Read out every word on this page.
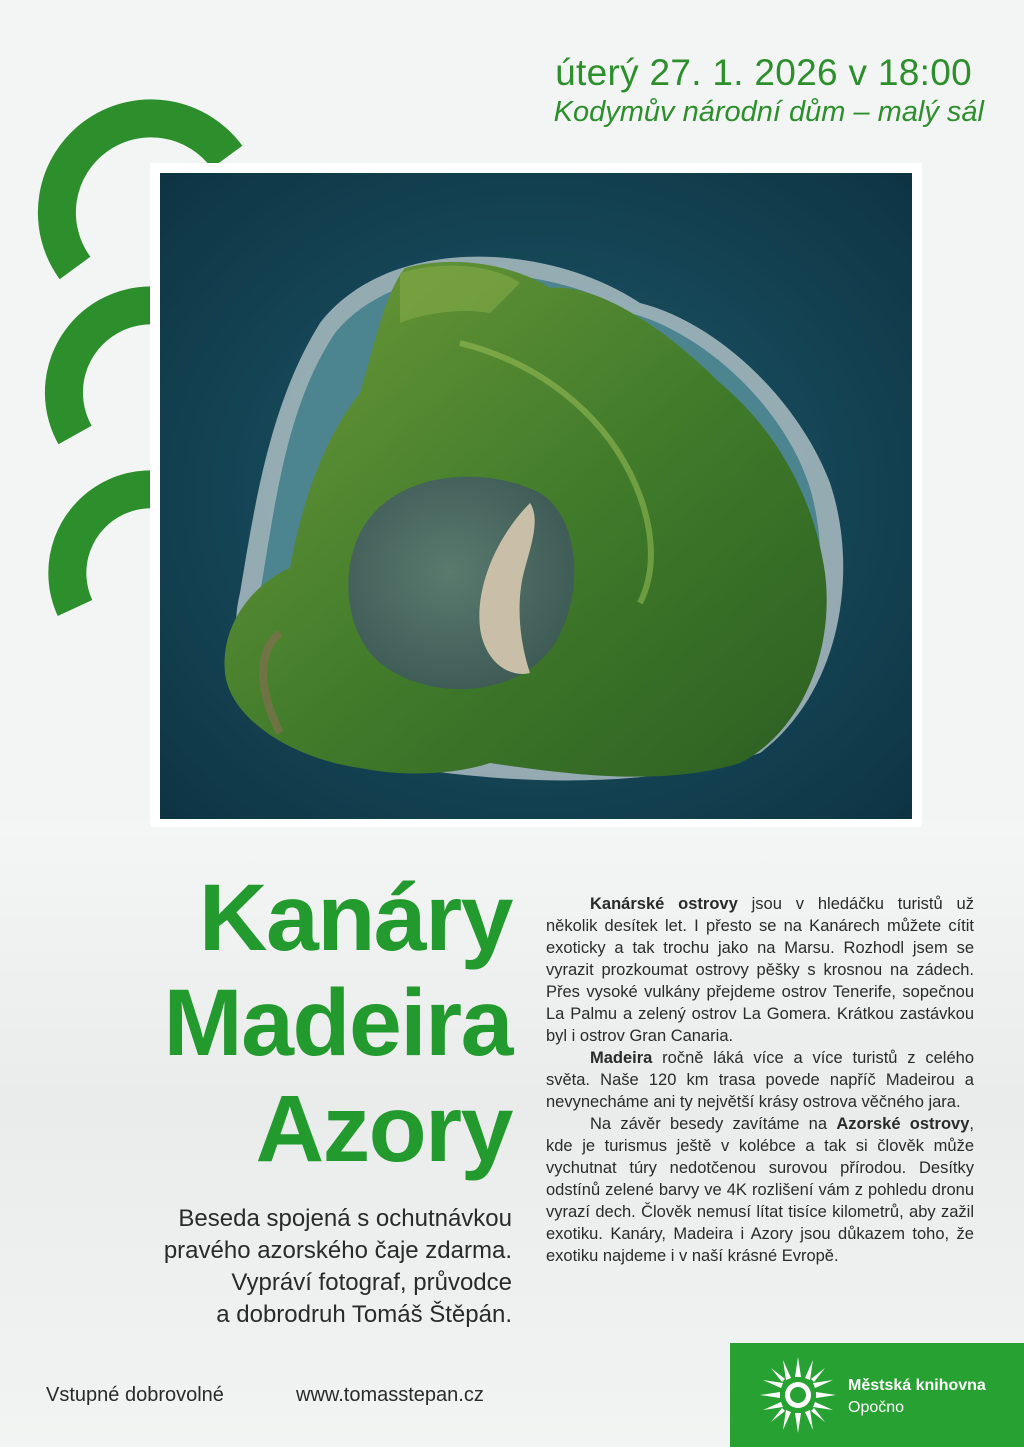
úterý 27. 1. 2026 v 18:00

Kodymův národní dům – malý sál

Kanáry
Madeira
Azory

Beseda spojená s ochutnávkou
pravého azorského čaje zdarma.
Vypráví fotograf, průvodce
a dobrodruh Tomáš Štěpán.

Kanárské ostrovy jsou v hledáčku turistů už několik desítek let. I přesto se na Kanárech můžete cítit exoticky a tak trochu jako na Marsu. Rozhodl jsem se vyrazit prozkoumat ostrovy pěšky s krosnou na zádech. Přes vysoké vulkány přejdeme ostrov Tenerife, sopečnou La Palmu a zelený ostrov La Gomera. Krátkou zastávkou byl i ostrov Gran Canaria.

Madeira ročně láká více a více turistů z celého světa. Naše 120 km trasa povede napříč Madeirou a nevynecháme ani ty největší krásy ostrova věčného jara.

Na závěr besedy zavítáme na Azorské ostrovy, kde je turismus ještě v kolébce a tak si člověk může vychutnat túry nedotčenou surovou přírodou. Desítky odstínů zelené barvy ve 4K rozlišení vám z pohledu dronu vyrazí dech. Člověk nemusí lítat tisíce kilometrů, aby zažil exotiku. Kanáry, Madeira i Azory jsou důkazem toho, že exotiku najdeme i v naší krásné Evropě.

Vstupné dobrovolné	www.tomasstepan.cz	Městská knihovna

Opočno
